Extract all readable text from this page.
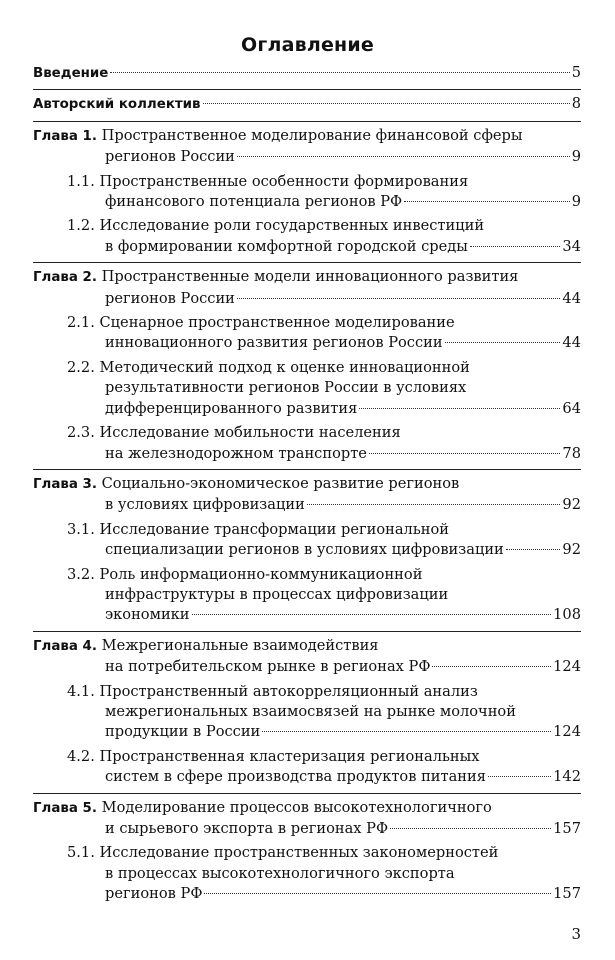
Оглавление
Введение	5
Авторский коллектив	8
Глава 1. Пространственное моделирование финансовой сферы
регионов России	9
1.1. Пространственные особенности формирования
финансового потенциала регионов РФ	9
1.2. Исследование роли государственных инвестиций
в формировании комфортной городской среды	34
Глава 2. Пространственные модели инновационного развития
регионов России	44
2.1. Сценарное пространственное моделирование
инновационного развития регионов России	44
2.2. Методический подход к оценке инновационной
результативности регионов России в условиях
дифференцированного развития	64
2.3. Исследование мобильности населения
на железнодорожном транспорте	78
Глава 3. Социально-экономическое развитие регионов
в условиях цифровизации	92
3.1. Исследование трансформации региональной
специализации регионов в условиях цифровизации	92
3.2. Роль информационно-коммуникационной
инфраструктуры в процессах цифровизации
экономики	108
Глава 4. Межрегиональные взаимодействия
на потребительском рынке в регионах РФ	124
4.1. Пространственный автокорреляционный анализ
межрегиональных взаимосвязей на рынке молочной
продукции в России	124
4.2. Пространственная кластеризация региональных
систем в сфере производства продуктов питания	142
Глава 5. Моделирование процессов высокотехнологичного
и сырьевого экспорта в регионах РФ	157
5.1. Исследование пространственных закономерностей
в процессах высокотехнологичного экспорта
регионов РФ	157
3
